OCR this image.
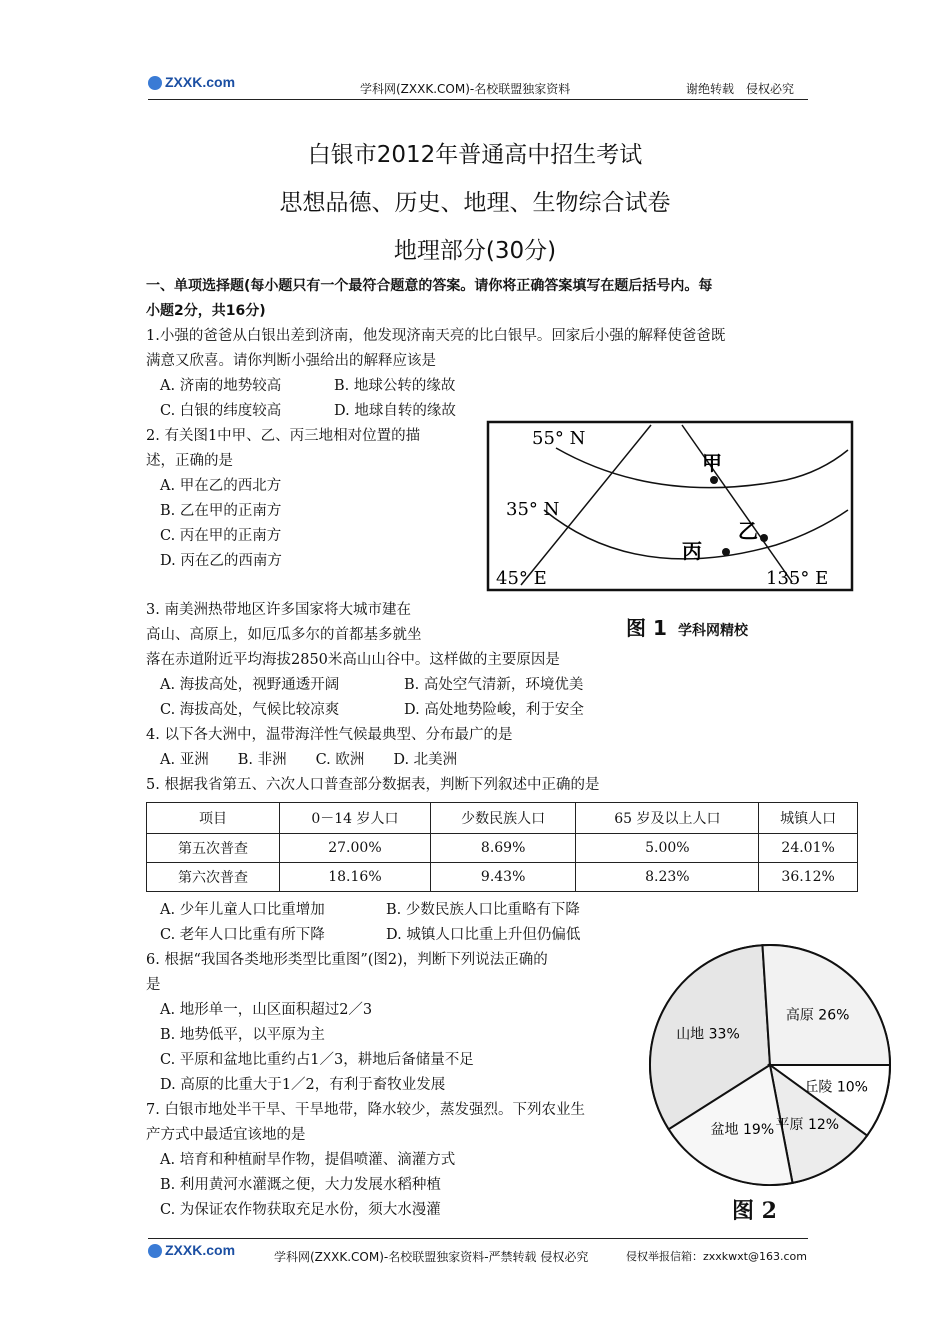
ZXXK.com	学科网(ZXXK.COM)-名校联盟独家资料	谢绝转载　侵权必究
白银市2012年普通高中招生考试
思想品德、历史、地理、生物综合试卷
地理部分(30分)
一、单项选择题(每小题只有一个最符合题意的答案。请你将正确答案填写在题后括号内。每
小题2分，共16分)
1.小强的爸爸从白银出差到济南，他发现济南天亮的比白银早。回家后小强的解释使爸爸既
满意又欣喜。请你判断小强给出的解释应该是
A. 济南的地势较高	B. 地球公转的缘故
C. 白银的纬度较高	D. 地球自转的缘故
2. 有关图1中甲、乙、丙三地相对位置的描
述，正确的是
A. 甲在乙的西北方
B. 乙在甲的正南方
C. 丙在甲的正南方
D. 丙在乙的西南方
55° N
35° N
45° E	135° E
甲
乙
丙
图 1 学科网精校
3. 南美洲热带地区许多国家将大城市建在
高山、高原上，如厄瓜多尔的首都基多就坐
落在赤道附近平均海拔2850米高山山谷中。这样做的主要原因是
A. 海拔高处，视野通透开阔	B. 高处空气清新，环境优美
C. 海拔高处，气候比较凉爽	D. 高处地势险峻，利于安全
4. 以下各大洲中，温带海洋性气候最典型、分布最广的是
A. 亚洲　　B. 非洲　　C. 欧洲　　D. 北美洲
5. 根据我省第五、六次人口普查部分数据表，判断下列叙述中正确的是
项目	0－14 岁人口	少数民族人口	65 岁及以上人口	城镇人口
第五次普查	27.00%	8.69%	5.00%	24.01%
第六次普查	18.16%	9.43%	8.23%	36.12%
A. 少年儿童人口比重增加	B. 少数民族人口比重略有下降
C. 老年人口比重有所下降	D. 城镇人口比重上升但仍偏低
6. 根据“我国各类地形类型比重图”(图2)，判断下列说法正确的
是
A. 地形单一，山区面积超过2／3
B. 地势低平，以平原为主
C. 平原和盆地比重约占1／3，耕地后备储量不足
D. 高原的比重大于1／2，有利于畜牧业发展
山地 33%
高原 26%
丘陵 10%
平原 12%
盆地 19%
图 2
7. 白银市地处半干旱、干旱地带，降水较少，蒸发强烈。下列农业生
产方式中最适宜该地的是
A. 培育和种植耐旱作物，提倡喷灌、滴灌方式
B. 利用黄河水灌溉之便，大力发展水稻种植
C. 为保证农作物获取充足水份，须大水漫灌
ZXXK.com	学科网(ZXXK.COM)-名校联盟独家资料-严禁转载 侵权必究	侵权举报信箱：zxxkwxt@163.com
